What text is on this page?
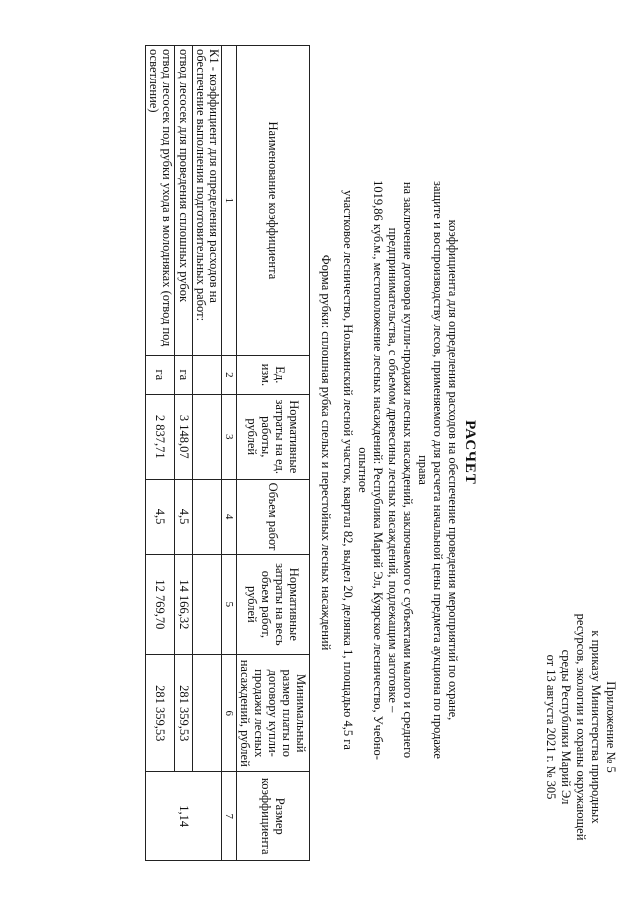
Приложение № 5
к приказу Министерства природных
ресурсов, экологии и охраны окружающей
среды Республики Марий Эл
от 13 августа 2021 г. № 305
РАСЧЕТ
коэффициента для определения расходов на обеспечение проведения мероприятий по охране,
защите и воспроизводству лесов, применяемого для расчета начальной цены предмета аукциона по продаже права
на заключение договора купли-продажи лесных насаждений, заключаемого с субъектами малого и среднего
предпринимательства, с объемом древесины лесных насаждений, подлежащим заготовке –
1019,86 куб.м., местоположение лесных насаждений: Республика Марий Эл, Куярское лесничество, Учебно-опытное
участковое лесничество, Нолькинский лесной участок, квартал 82, выдел 20, делянка 1, площадью 4,5 га
Форма рубки: сплошная рубка спелых и перестойных лесных насаждений
Наименование коэффициента	Ед. изм.	Нормативные затраты на ед. работы, рублей	Объем работ	Нормативные затраты на весь объем работ, рублей	Минимальный размер платы по договору купли-продажи лесных насаждений, рублей	Размер коэффициента
1	2	3	4	5	6	7
К1 - коэффициент для определения расходов на обеспечение выполнения подготовительных работ:						1,14
отвод лесосек для проведения сплошных рубок	га	3 148,07	4,5	14 166,32	281 359,53	
отвод лесосек под рубки ухода в молодняках (отвод под осветление)	га	2 837,71	4,5	12 769,70	281 359,53	
